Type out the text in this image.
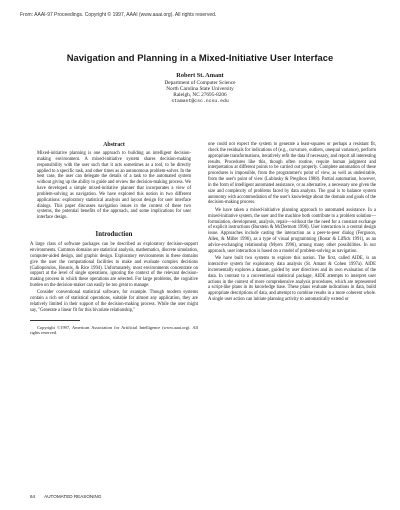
From: AAAI-97 Proceedings. Copyright © 1997, AAAI (www.aaai.org). All rights reserved.
Navigation and Planning in a Mixed-Initiative User Interface
Robert St. Amant
Department of Computer Science
North Carolina State University
Raleigh, NC 27695-8206
stamant@csc.ncsu.edu
Abstract

Mixed-initiative planning is one approach to building an intelligent decision-making environment. A mixed-initiative system shares decision-making responsibility with the user such that it acts sometimes as a tool, to be directly applied to a specific task, and other times as an autonomous problem-solver. In the best case, the user can delegate the details of a task to the automated system without giving up the ability to guide and review the decision-making process. We have developed a simple mixed-initiative planner that incorporates a view of problem-solving as navigation. We have explored this notion in two different applications: exploratory statistical analysis and layout design for user interface dialogs. This paper discusses navigation issues in the context of these two systems, the potential benefits of the approach, and some implications for user interface design.

Introduction

A large class of software packages can be described as exploratory decision-support environments. Common domains are statistical analysis, mathematics, discrete simulation, computer-aided design, and graphic design. Exploratory environments in these domains give the user the computational facilities to make and evaluate complex decisions (Galloporulos, Houstis, & Rice 1994). Unfortunately, most environments concentrate on support at the level of single operations, ignoring the context of the relevant decision-making process in which these operations are selected. For large problems, the cognitive burden on the decision-maker can easily be too great to manage.

Consider conventional statistical software, for example. Though modern systems contain a rich set of statistical operations, suitable for almost any application, they are relatively limited in their support of the decision-making process. While the user might say, "Generate a linear fit for this bivariate relationship,"

Copyright ©1997, American Association for Artificial Intelligence (www.aaai.org). All rights reserved.

one could not expect the system to generate a least-squares or perhaps a resistant fit, check the residuals for indications of (e.g., curvature, outliers, unequal variance), perform appropriate transformations, iteratively refit the data if necessary, and report all interesting results. Procedures like this, though often routine, require human judgment and interpretation at different points to be carried out properly. Complete automation of these procedures is impossible, from the programmer's point of view, as well as undesirable, from the user's point of view (Lubinsky & Pregibon 1988). Partial automation, however, in the form of intelligent automated assistance, or as alternative, a necessary one given the size and complexity of problems faced by data analysts. The goal is to balance system autonomy with accommodation of the user's knowledge about the domain and goals of the decision-making process.

We have taken a mixed-initiative planning approach to automated assistance. In a mixed-initiative system, the user and the machine both contribute to a problem solution—formulation, development, analysis, repair—without the the need for a constant exchange of explicit instructions (Burstein & McDermott 1996). User interaction is a central design issue. Approaches include casting the interaction as a peer-to-peer dialog (Ferguson, Allen, & Miller 1996), as a type of visual programming (Bonar & Liffick 1991), as an advice-exchanging relationship (Myers 1996), among many other possibilities. In our approach, user interaction is based on a model of problem-solving as navigation.

We have built two systems to explore this notion. The first, called AIDE, is an interactive system for exploratory data analysis (St. Amant & Cohen 1997a). AIDE incrementally explores a dataset, guided by user directives and its own evaluation of the data. In contrast to a conventional statistical package, AIDE attempts to interpret user actions in the context of more comprehensive analysis procedures, which are represented a script-like plans in its knowledge base. These plans evaluate indications in data, build appropriate descriptions of data, and attempt to combine results in a more coherent whole. A single user action can initiate planning activity to automatically extend or

64 AUTOMATED REASONING
